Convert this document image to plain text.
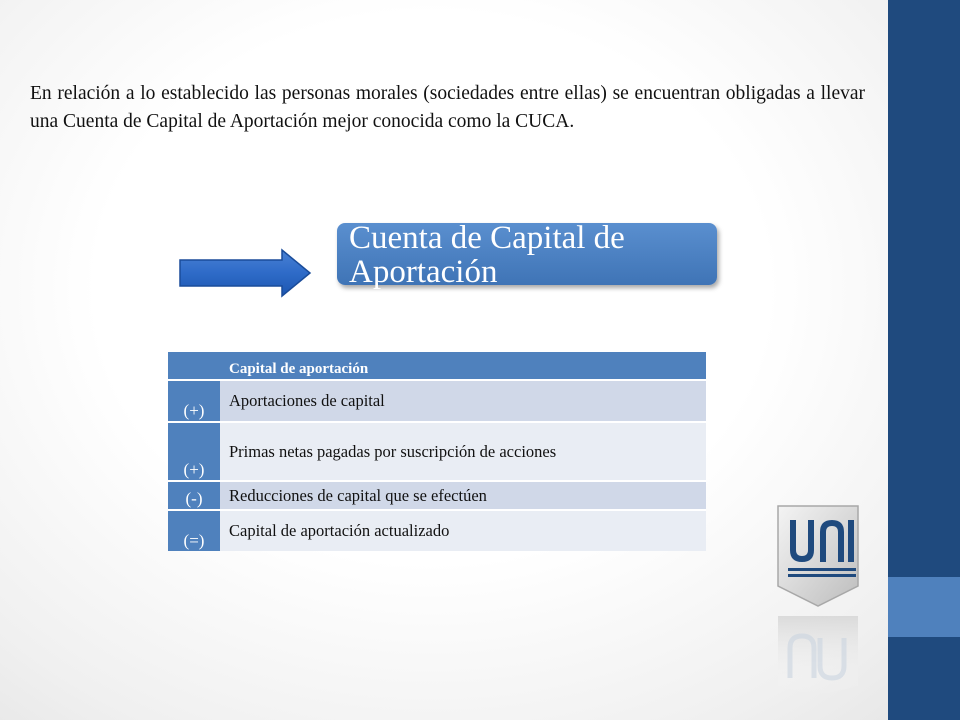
En relación a lo establecido las personas morales (sociedades entre ellas) se encuentran obligadas a llevar una Cuenta de Capital de Aportación mejor conocida como la CUCA.

Cuenta de Capital de
Aportación
	Capital de aportación
(+)	Aportaciones de capital
(+)	Primas netas pagadas por suscripción de acciones
(-)	Reducciones de capital que se efectúen
(=)	Capital de aportación actualizado
